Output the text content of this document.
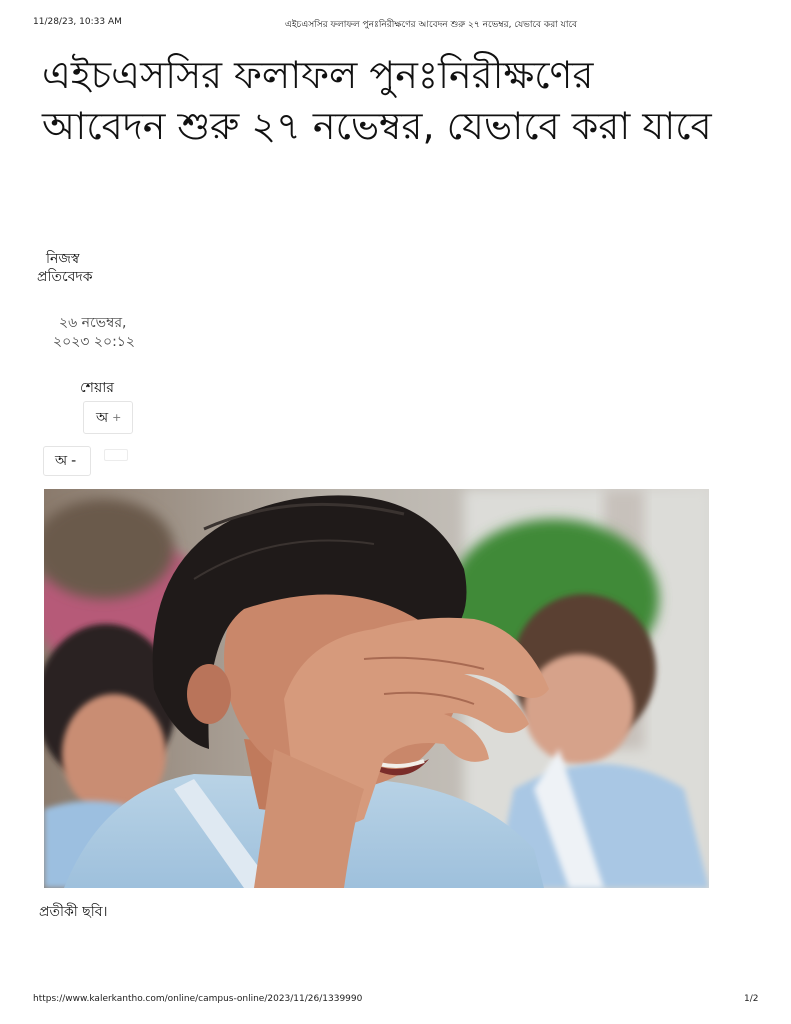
11/28/23, 10:33 AM	এইচএসসির ফলাফল পুনঃনিরীক্ষণের আবেদন শুরু ২৭ নভেম্বর, যেভাবে করা যাবে
এইচএসসির ফলাফল পুনঃনিরীক্ষণের আবেদন শুরু ২৭ নভেম্বর, যেভাবে করা যাবে
নিজস্ব
প্রতিবেদক
২৬ নভেম্বর,
২০২৩ ২০:১২
শেয়ার
অ +
অ -
প্রতীকী ছবি।
https://www.kalerkantho.com/online/campus-online/2023/11/26/1339990	1/2
